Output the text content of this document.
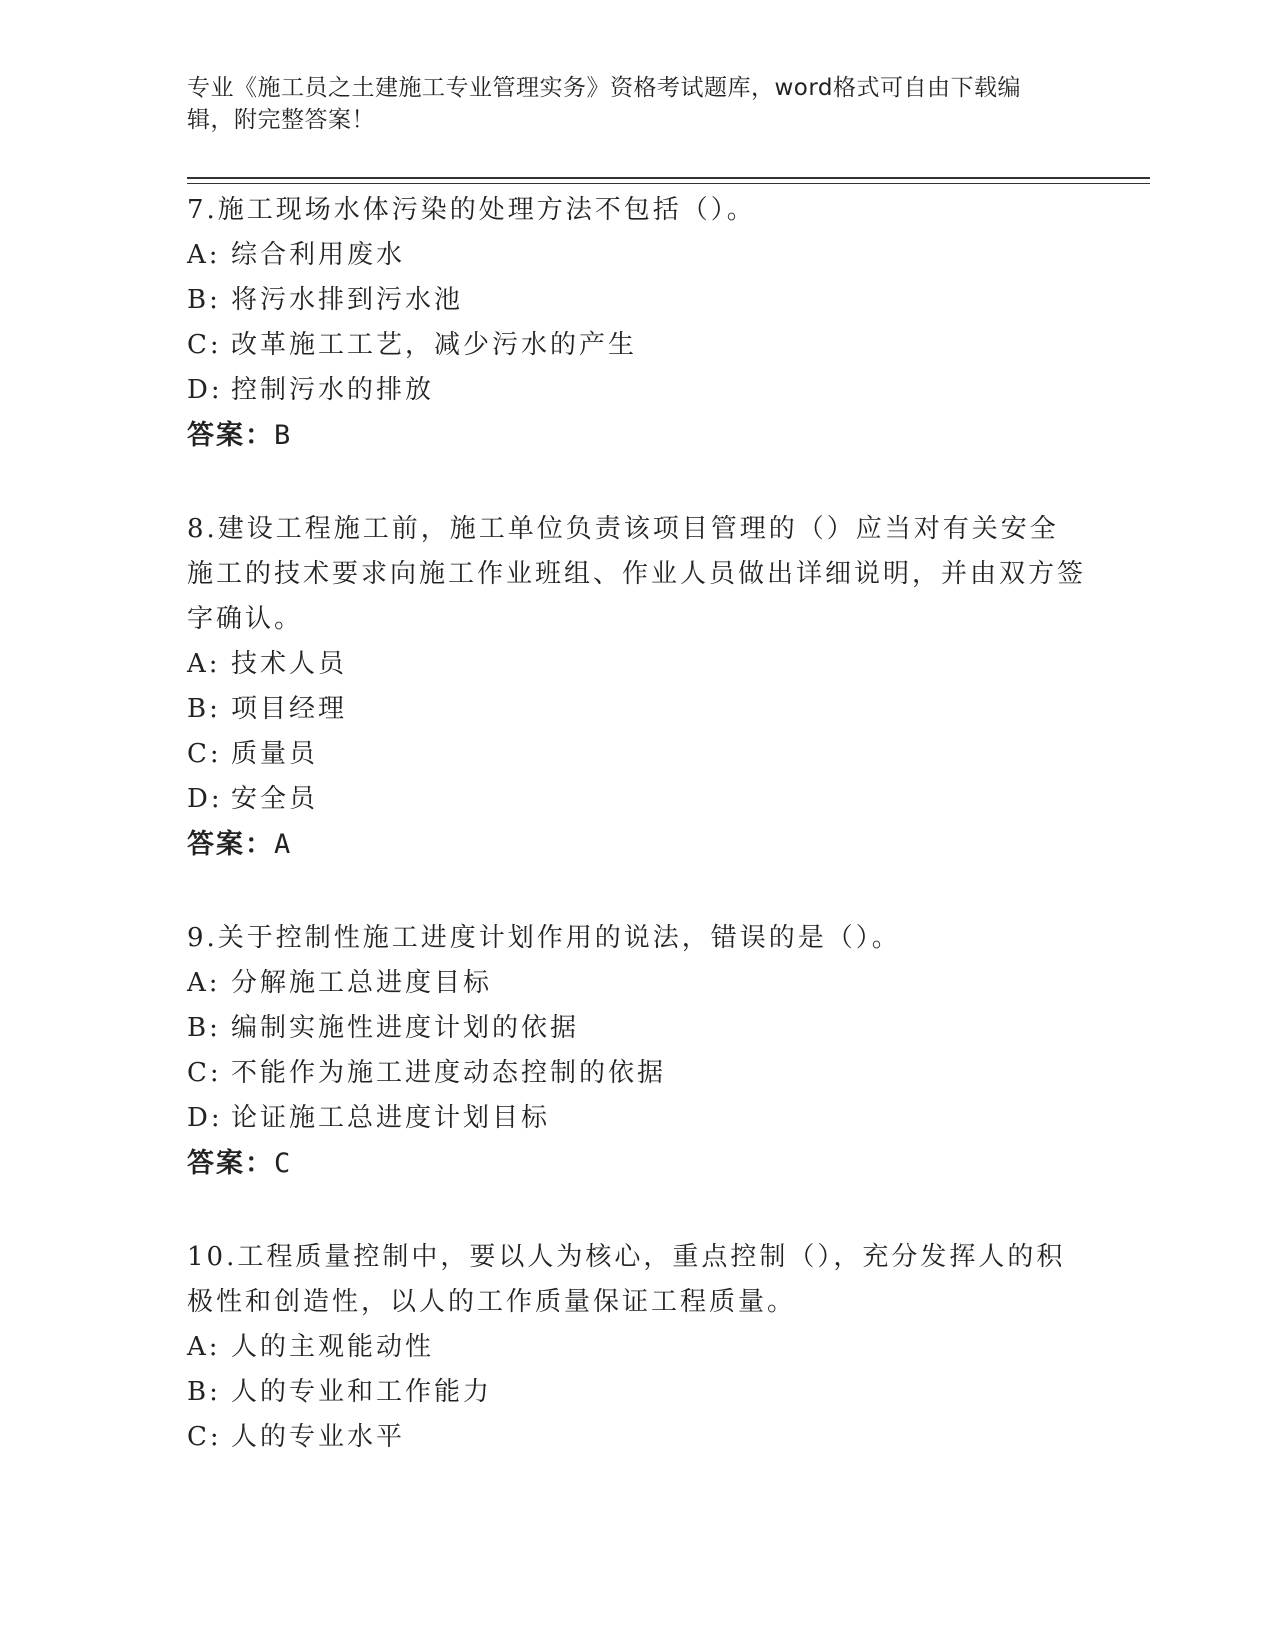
专业《施工员之土建施工专业管理实务》资格考试题库，word格式可自由下载编辑，附完整答案！

7.施工现场水体污染的处理方法不包括（）。

A: 综合利用废水
B: 将污水排到污水池
C: 改革施工工艺，减少污水的产生
D: 控制污水的排放
答案：B

8.建设工程施工前，施工单位负责该项目管理的（）应当对有关安全施工的技术要求向施工作业班组、作业人员做出详细说明，并由双方签字确认。

A: 技术人员
B: 项目经理
C: 质量员
D: 安全员
答案：A

9.关于控制性施工进度计划作用的说法，错误的是（）。

A: 分解施工总进度目标
B: 编制实施性进度计划的依据
C: 不能作为施工进度动态控制的依据
D: 论证施工总进度计划目标
答案：C

10.工程质量控制中，要以人为核心，重点控制（），充分发挥人的积极性和创造性，以人的工作质量保证工程质量。

A: 人的主观能动性
B: 人的专业和工作能力
C: 人的专业水平
